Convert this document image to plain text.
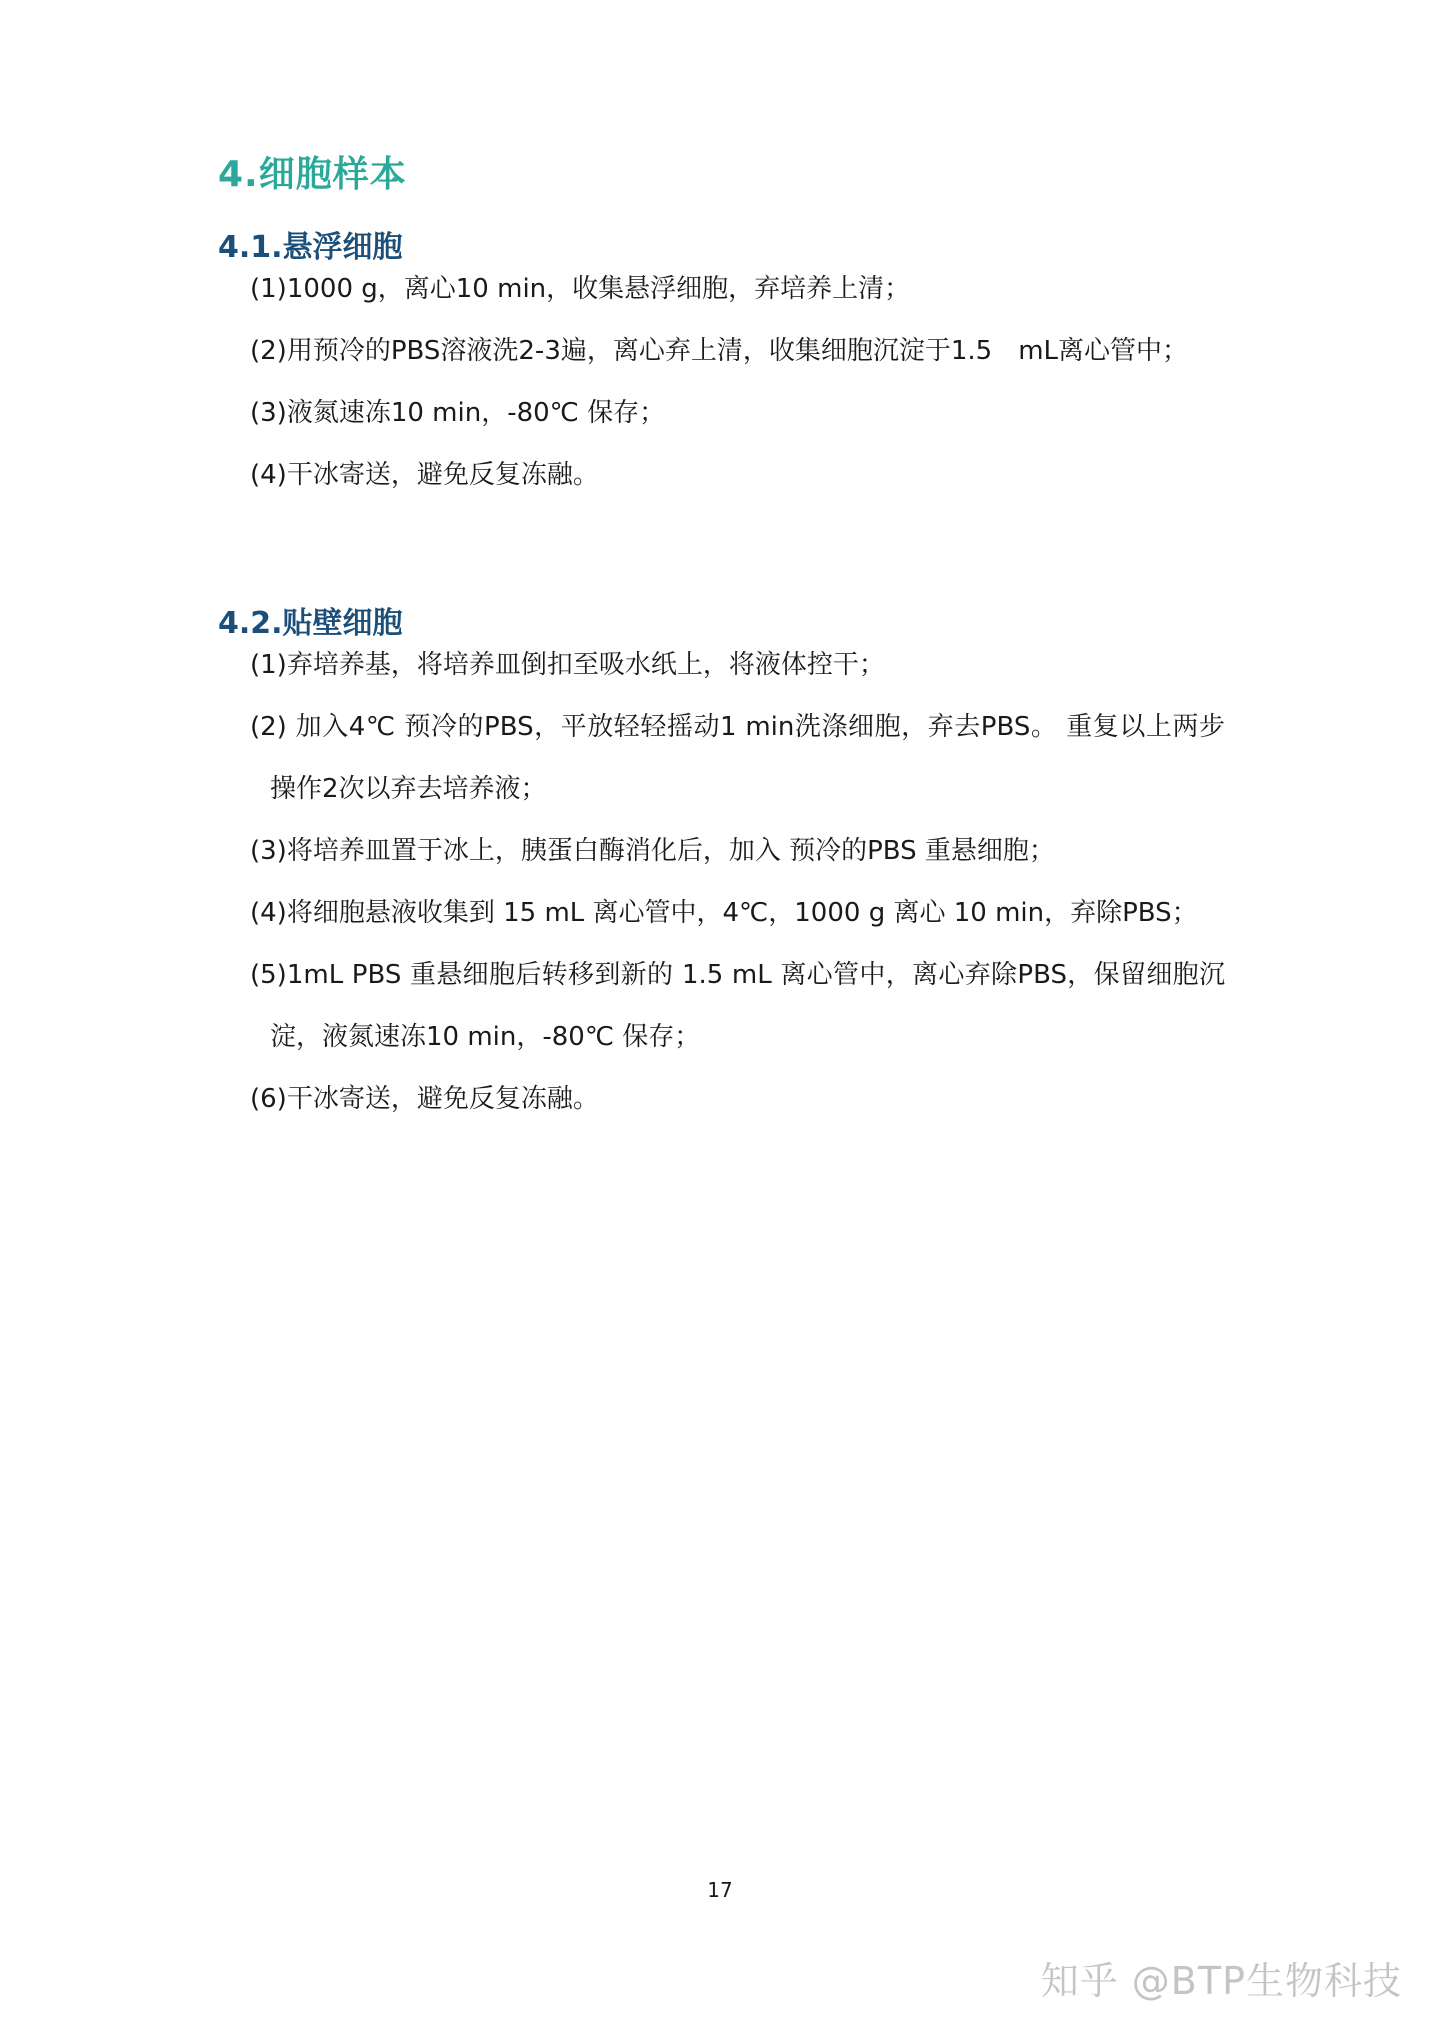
4.细胞样本
4.1.悬浮细胞

(1)1000 g，离心10 min，收集悬浮细胞，弃培养上清；

(2)用预冷的PBS溶液洗2-3遍，离心弃上清，收集细胞沉淀于1.5　mL离心管中；

(3)液氮速冻10 min，-80℃ 保存；

(4)干冰寄送，避免反复冻融。

4.2.贴壁细胞

(1)弃培养基，将培养皿倒扣至吸水纸上，将液体控干；

(2) 加入4℃ 预冷的PBS，平放轻轻摇动1 min洗涤细胞，弃去PBS。 重复以上两步操作2次以弃去培养液；

(3)将培养皿置于冰上，胰蛋白酶消化后，加入 预冷的PBS 重悬细胞；

(4)将细胞悬液收集到 15 mL 离心管中，4℃，1000 g 离心 10 min，弃除PBS；

(5)1mL PBS 重悬细胞后转移到新的 1.5 mL 离心管中，离心弃除PBS，保留细胞沉淀，液氮速冻10 min，-80℃ 保存；

(6)干冰寄送，避免反复冻融。

17
知乎 @BTP生物科技
